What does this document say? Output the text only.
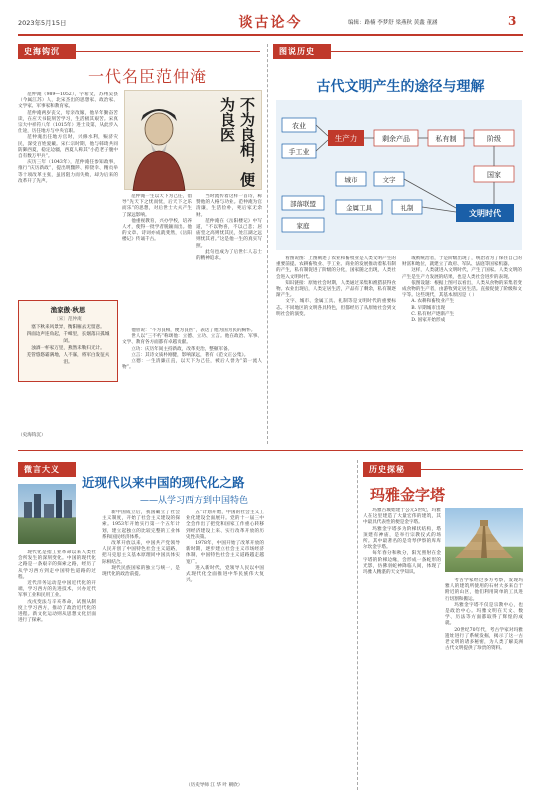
2023年5月15日	谈古论今	编辑：路楠 李梦舒 梁燕秋 黄鑫 董涵	3
史海钩沉
一代名臣范仲淹
不为良相，便为良医

范仲淹（989—1052），字希文，苏州吴县（今属江苏）人，北宋杰出的思想家、政治家、文学家、军事家和教育家。

范仲淹两岁丧父，母亲改嫁，他早年勤奋苦读，在应天书院刻苦学习，生活极其艰苦。宋真宗大中祥符八年（1015年）进士及第，从此步入仕途，历任地方与中央官职。

范仲淹出任地方官时，兴修水利，赈济灾民，深受百姓爱戴。宋仁宗时期，他与韩琦共同防御西夏，稳定边疆，西夏人称其“小范老子腹中自有数万甲兵”。

庆历三年（1043年），范仲淹任参知政事，推行“庆历新政”，提出明黜陟、抑侥幸、精贡举等十项改革主张，虽因阻力而失败，却为后来的改革开了先声。

范仲淹一生以天下为己任，倡导“先天下之忧而忧，后天下之乐而乐”的思想，对后世士大夫产生了深远影响。

他重视教育，兴办学校，培养人才，使得一批学者脱颖而出。他的文章、诗词亦成就斐然，《岳阳楼记》传诵千古。

当时流传着这样一首诗，称赞他的人格与功业。范仲淹为官清廉，生活俭朴，死后家无余财。

范仲淹在《岳阳楼记》中写道，“不以物喜，不以己悲；居庙堂之高则忧其民，处江湖之远则忧其君。”这是他一生的真实写照。

此句也成为了后世仁人志士的精神追求。

渔家傲·秋思
〔宋〕范仲淹
塞下秋来风景异，衡阳雁去无留意。
四面边声连角起，千嶂里，长烟落日孤城闭。
浊酒一杯家万里，燕然未勒归无计。
羌管悠悠霜满地，人不寐，将军白发征夫泪。

他曾说：“不为良相，便为良医”，表达了他为国为民的胸怀。

世人以“三不朽”称颂他：立德、立功、立言。他在政治、军事、文学、教育各方面都有卓越贡献。

立功：庆历年间主持新政，改革吏治，整顿军备。

立言：其诗文质朴刚健，影响深远，著有《范文正公集》。

立德：一生清廉正直，以天下为己任，被后人誉为“第一流人物”。

（史海钩沉）
图说历史
古代文明产生的途径与理解
农业
手工业
生产力	剩余产品	私有制	阶级
国家
文明时代
部落联盟
家庭
城市	文字
金属工具	礼制

看图说图：上图阐述了农业和畜牧业是人类文明产生的重要前提。农耕畜牧业、手工业、商业的发展推动着私有制的产生，私有制促进了阶级的分化，国家随之出现，人类社会进入文明时代。

知识链接：原始社会时期，人类通过采集和渔猎获得食物。农业出现后，人类定居生活，产品有了剩余，私有制逐渐产生。

文字、城市、金属工具、礼制等是文明时代的重要标志。不同地区的文明各具特色，但都经历了从原始社会到文明社会的演变。

或被统治者，于是阶级出现了，统治者为了保住自己的财富和地位，就建立了政府、军队、法庭等国家机器。

这样，人类就进入文明时代，产生了国家。人类文明的产生是生产力发展的结果，也是人类社会进步的表现。

依图设题：根据上图可以看出，人类从食物的采集者变成食物的生产者，由游牧到定居生活。直接促使了阶级和文字等。这些现代，其基本原因是（ ）

A. 农耕和畜牧业产生

B. 早期城市出现

C. 私有财产逐渐产生

D. 国家开始形成

微言大义
近现代以来中国的现代化之路
——从学习西方到中国特色

现代化是指工业革命以来人类社会所发生的深刻变化。中国的现代化之路是一条艰辛的探索之路，经历了从学习西方到走中国特色道路的过程。

近代洋务运动是中国近代化的开端，学习西方的先进技术，兴办近代军事工业和民用工业。

戊戌变法与辛亥革命，试图从制度上学习西方，推动了政治近代化的进程。新文化运动则从思想文化层面进行了探索。

新中国成立后，我国确立了社会主义制度，开始了社会主义建设的探索。1953年开始实行第一个五年计划，建立起独立的比较完整的工业体系和国民经济体系。

改革开放以来，中国共产党领导人民开创了中国特色社会主义道路，把马克思主义基本原理同中国具体实际相结合。

现代民族国家的独立与统一，是现代化的政治前提。

五”计划开始，中国的社会主义工业化建设全面展开。党的十一届三中全会作出了把党和国家工作重心转移到经济建设上来、实行改革开放的历史性决策。

1978年，中国开始了改革开放的新时期，逐步建立社会主义市场经济体制，中国特色社会主义道路越走越宽广。

进入新时代，党领导人民以中国式现代化全面推进中华民族伟大复兴。

（历史导师 江 华 叶 朝欣）
历史探秘
玛雅金字塔

玛雅古城始建于公元5世纪，玛雅人在这里建造了大量宏伟的建筑，其中最具代表性的便是金字塔。

玛雅金字塔多为阶梯状结构，塔顶建有神庙，是举行宗教仪式的场所。其中最著名的是奇琴伊察的库库尔坎金字塔。

每年春分和秋分，阳光照射在金字塔的阶梯边缘，会形成一条蛇形的光影，仿佛羽蛇神降临人间，体现了玛雅人精湛的天文学知识。

考古学家经过多方考察，发现玛雅人的建筑所使用的石材大多来自于附近的山区，他们利用简单的工具进行切割和搬运。

玛雅金字塔不仅是宗教中心，也是政治中心。玛雅文明在天文、数学、历法等方面都取得了辉煌的成就。

20世纪70年代，考古学家对玛雅遗址进行了系统发掘，揭示了这一古老文明的诸多秘密，为人类了解美洲古代文明提供了珍贵的资料。
